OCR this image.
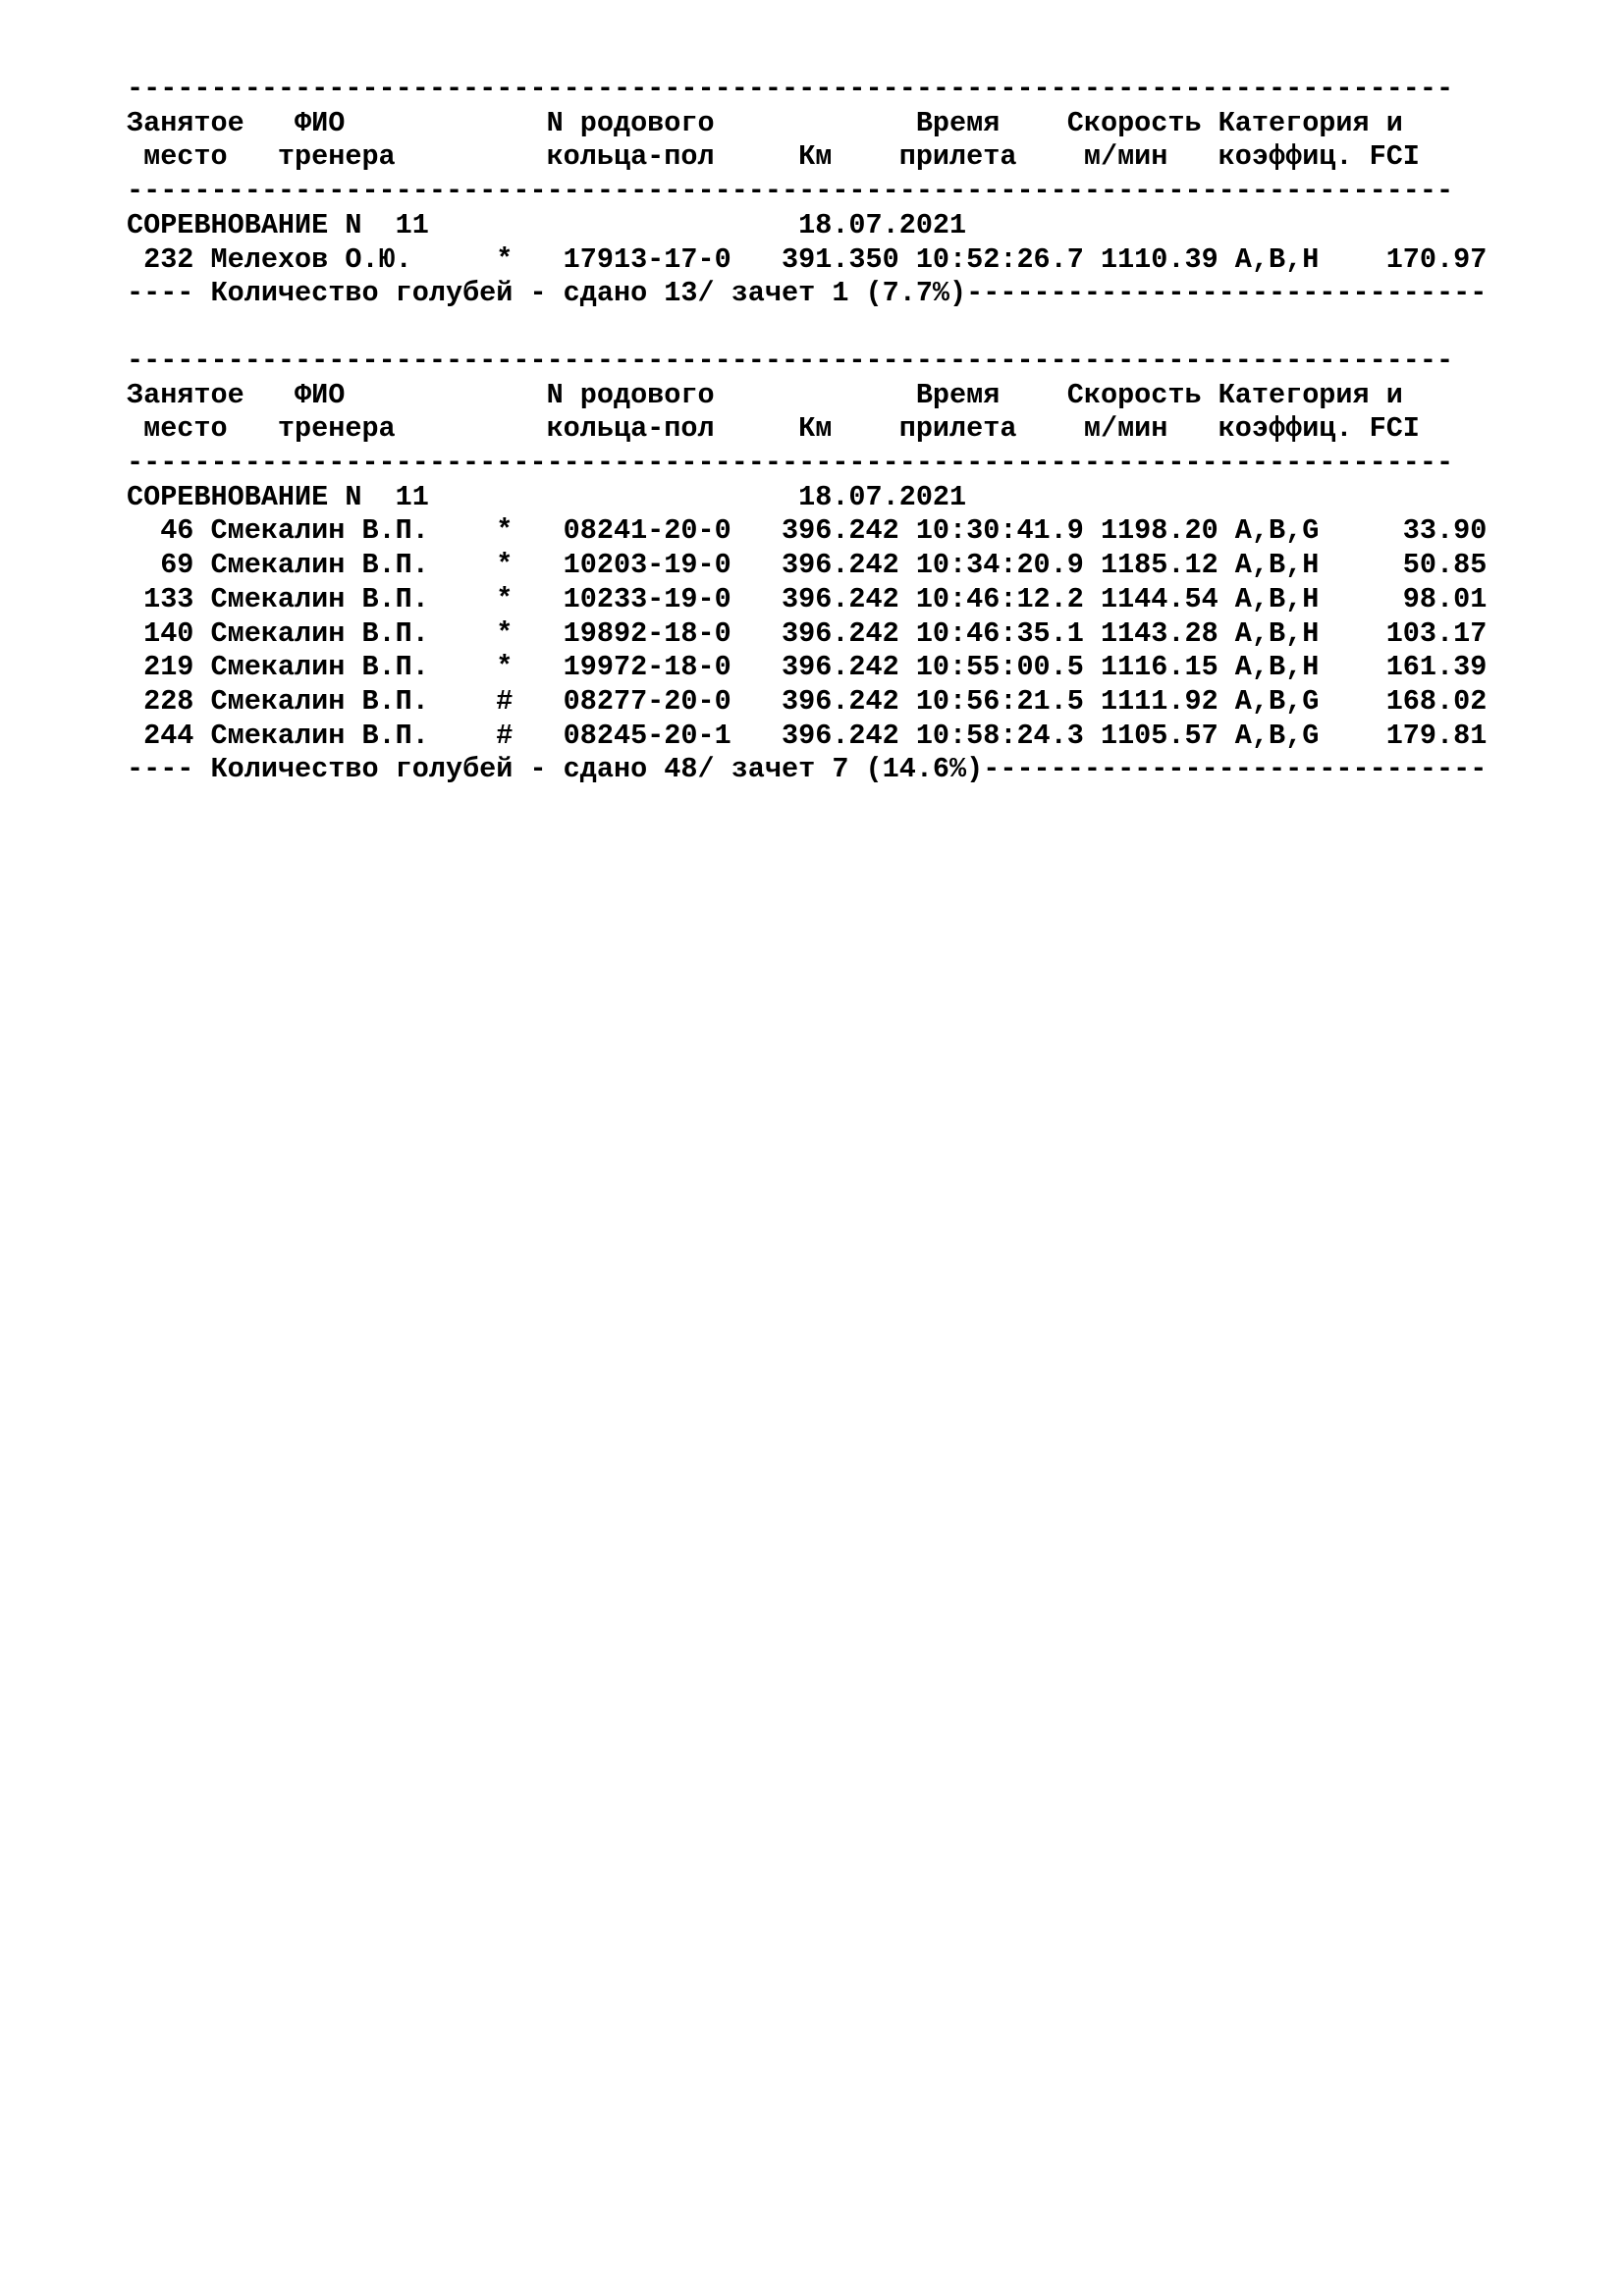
-------------------------------------------------------------------------------
Занятое   ФИО            N родового            Время    Скорость Категория и
место   тренера         кольца-пол     Км    прилета    м/мин   коэффиц. FCI
-------------------------------------------------------------------------------
СОРЕВНОВАНИЕ N  11                      18.07.2021
232 Мелехов О.Ю.     *   17913-17-0   391.350 10:52:26.7 1110.39 A,B,H    170.97
---- Количество голубей - сдано 13/ зачет 1 (7.7%)-------------------------------
-------------------------------------------------------------------------------
Занятое   ФИО            N родового            Время    Скорость Категория и
место   тренера         кольца-пол     Км    прилета    м/мин   коэффиц. FCI
-------------------------------------------------------------------------------
СОРЕВНОВАНИЕ N  11                      18.07.2021
46 Смекалин В.П.    *   08241-20-0   396.242 10:30:41.9 1198.20 A,B,G     33.90
69 Смекалин В.П.    *   10203-19-0   396.242 10:34:20.9 1185.12 A,B,H     50.85
133 Смекалин В.П.    *   10233-19-0   396.242 10:46:12.2 1144.54 A,B,H     98.01
140 Смекалин В.П.    *   19892-18-0   396.242 10:46:35.1 1143.28 A,B,H    103.17
219 Смекалин В.П.    *   19972-18-0   396.242 10:55:00.5 1116.15 A,B,H    161.39
228 Смекалин В.П.    #   08277-20-0   396.242 10:56:21.5 1111.92 A,B,G    168.02
244 Смекалин В.П.    #   08245-20-1   396.242 10:58:24.3 1105.57 A,B,G    179.81
---- Количество голубей - сдано 48/ зачет 7 (14.6%)------------------------------
